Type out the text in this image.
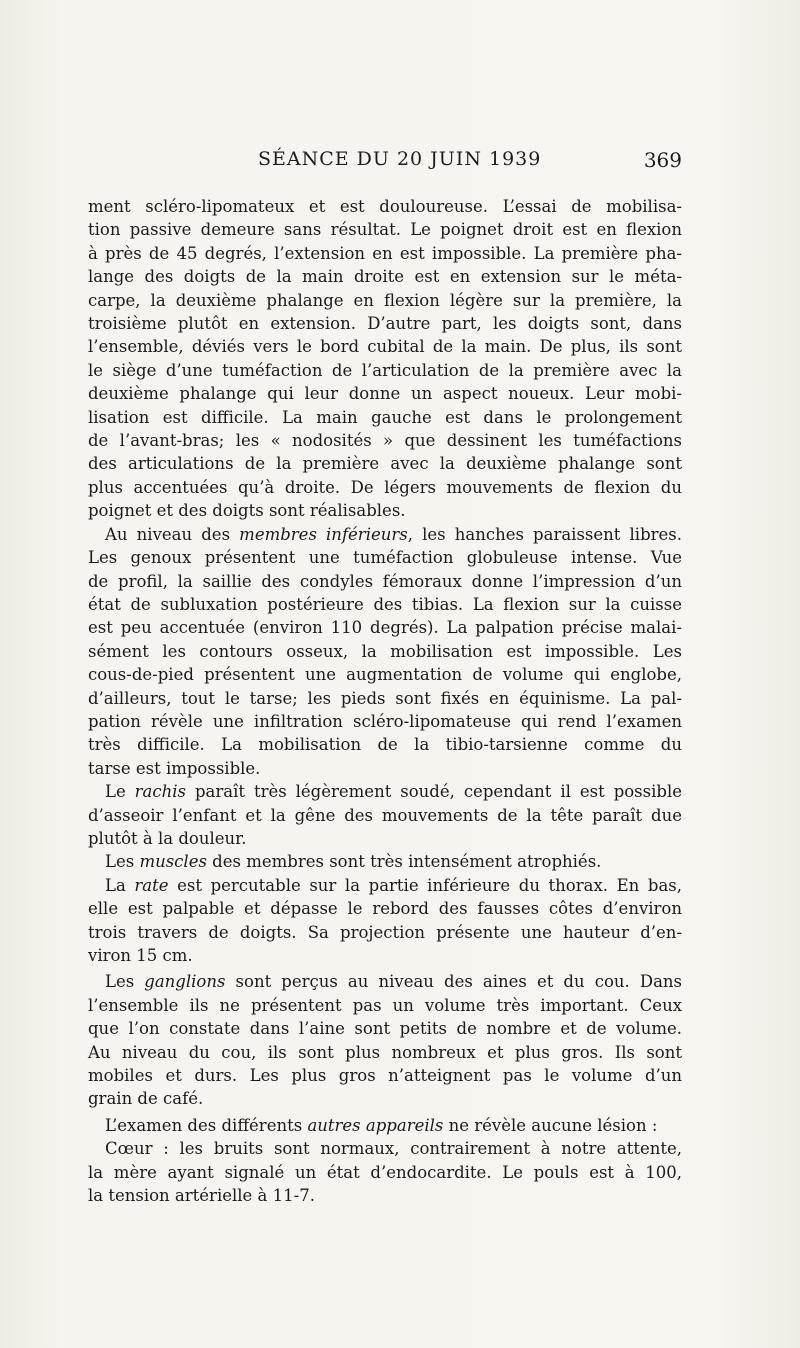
SÉANCE DU 20 JUIN 1939	369
ment scléro-lipomateux et est douloureuse. L’essai de mobilisa-
tion passive demeure sans résultat. Le poignet droit est en flexion
à près de 45 degrés, l’extension en est impossible. La première pha-
lange des doigts de la main droite est en extension sur le méta-
carpe, la deuxième phalange en flexion légère sur la première, la
troisième plutôt en extension. D’autre part, les doigts sont, dans
l’ensemble, déviés vers le bord cubital de la main. De plus, ils sont
le siège d’une tuméfaction de l’articulation de la première avec la
deuxième phalange qui leur donne un aspect noueux. Leur mobi-
lisation est difficile. La main gauche est dans le prolongement
de l’avant-bras; les « nodosités » que dessinent les tuméfactions
des articulations de la première avec la deuxième phalange sont
plus accentuées qu’à droite. De légers mouvements de flexion du
poignet et des doigts sont réalisables.
Au niveau des membres inférieurs, les hanches paraissent libres.
Les genoux présentent une tuméfaction globuleuse intense. Vue
de profil, la saillie des condyles fémoraux donne l’impression d’un
état de subluxation postérieure des tibias. La flexion sur la cuisse
est peu accentuée (environ 110 degrés). La palpation précise malai-
sément les contours osseux, la mobilisation est impossible. Les
cous-de-pied présentent une augmentation de volume qui englobe,
d’ailleurs, tout le tarse; les pieds sont fixés en équinisme. La pal-
pation révèle une infiltration scléro-lipomateuse qui rend l’examen
très difficile. La mobilisation de la tibio-tarsienne comme du
tarse est impossible.
Le rachis paraît très légèrement soudé, cependant il est possible
d’asseoir l’enfant et la gêne des mouvements de la tête paraît due
plutôt à la douleur.
Les muscles des membres sont très intensément atrophiés.
La rate est percutable sur la partie inférieure du thorax. En bas,
elle est palpable et dépasse le rebord des fausses côtes d’environ
trois travers de doigts. Sa projection présente une hauteur d’en-
viron 15 cm.
Les ganglions sont perçus au niveau des aines et du cou. Dans
l’ensemble ils ne présentent pas un volume très important. Ceux
que l’on constate dans l’aine sont petits de nombre et de volume.
Au niveau du cou, ils sont plus nombreux et plus gros. Ils sont
mobiles et durs. Les plus gros n’atteignent pas le volume d’un
grain de café.
L’examen des différents autres appareils ne révèle aucune lésion :
Cœur : les bruits sont normaux, contrairement à notre attente,
la mère ayant signalé un état d’endocardite. Le pouls est à 100,
la tension artérielle à 11-7.
